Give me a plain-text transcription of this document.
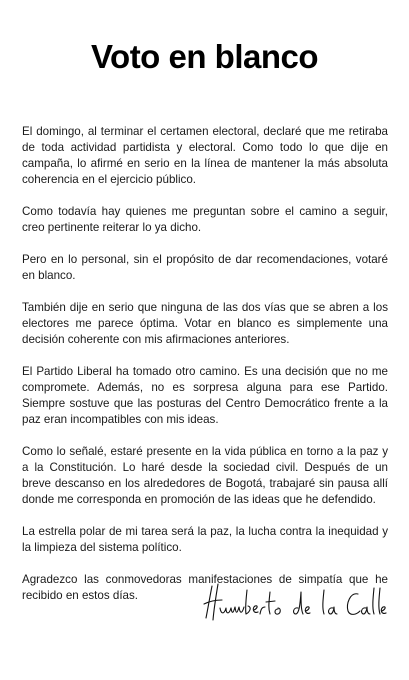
Voto en blanco

El domingo, al terminar el certamen electoral, declaré que me retiraba de toda actividad partidista y electoral. Como todo lo que dije en campaña, lo afirmé en serio en la línea de mantener la más absoluta coherencia en el ejercicio público.

Como todavía hay quienes me preguntan sobre el camino a seguir, creo pertinente reiterar lo ya dicho.

Pero en lo personal, sin el propósito de dar recomendaciones, votaré en blanco.

También dije en serio que ninguna de las dos vías que se abren a los electores me parece óptima. Votar en blanco es simplemente una decisión coherente con mis afirmaciones anteriores.

El Partido Liberal ha tomado otro camino. Es una decisión que no me compromete. Además, no es sorpresa alguna para ese Partido. Siempre sostuve que las posturas del Centro Democrático frente a la paz eran incompatibles con mis ideas.

Como lo señalé, estaré presente en la vida pública en torno a la paz y a la Constitución. Lo haré desde la sociedad civil. Después de un breve descanso en los alrededores de Bogotá, trabajaré sin pausa allí donde me corresponda en promoción de las ideas que he defendido.

La estrella polar de mi tarea será la paz, la lucha contra la inequidad y la limpieza del sistema político.

Agradezco las conmovedoras manifestaciones de simpatía que he recibido en estos días.
